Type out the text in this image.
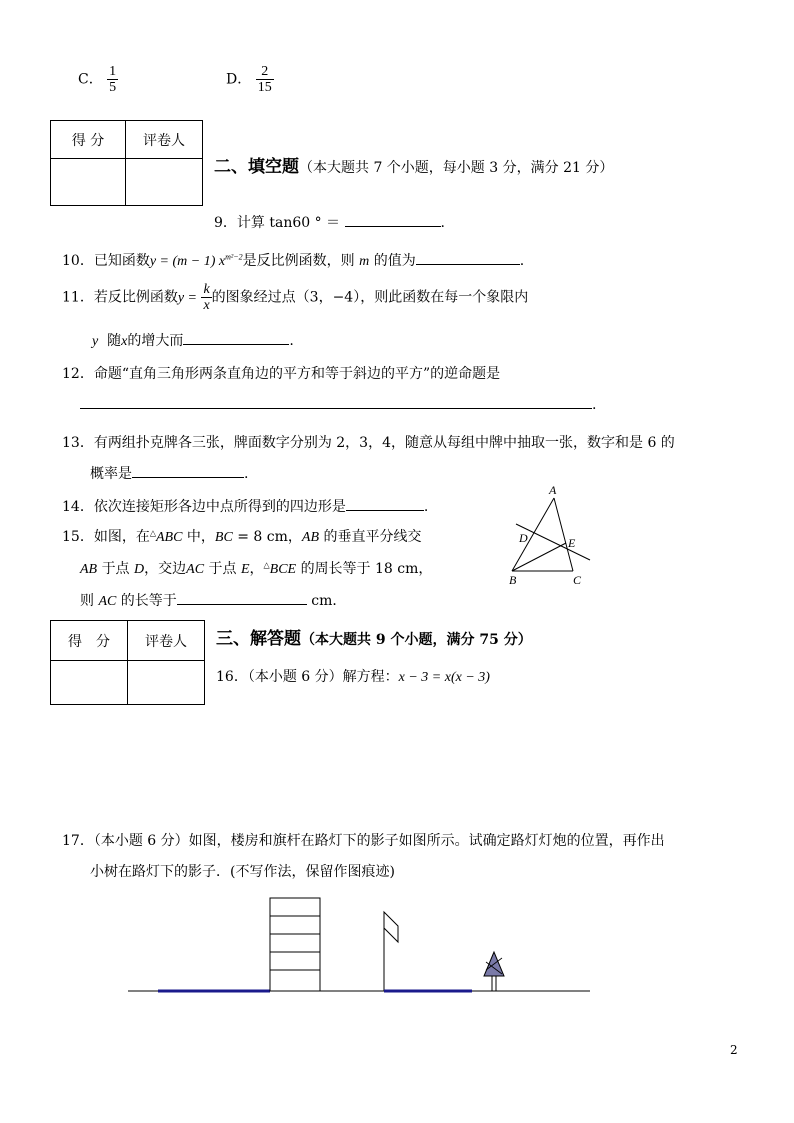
C． $\frac{1}{5}$	D． $\frac{2}{15}$
得 分	评卷人

二、填空题（本大题共 7 个小题，每小题 3 分，满分 21 分）
9．计算 tan60 ° ＝	.
10．已知函数y = (m − 1) $x^{m^2-2}$是反比例函数，则 m 的值为	.
11．若反比例函数$y = \frac{k}{x}$ 的图象经过点（3，−4），则此函数在每一个象限内
y 随x的增大而	.
12．命题“直角三角形两条直角边的平方和等于斜边的平方”的逆命题是
.
13．有两组扑克牌各三张，牌面数字分别为 2，3，4，随意从每组中牌中抽取一张，数字和是 6 的
概率是	.
14．依次连接矩形各边中点所得到的四边形是	.
15．如图，在△ABC 中，BC = 8 cm，AB 的垂直平分线交
AB 于点 D，交边AC 于点 E，△BCE 的周长等于 18 cm，
则 AC 的长等于	cm．
A
D	E
B	C
得　分	评卷人
	三、解答题（本大题共 9 个小题，满分 75 分）
16．（本小题 6 分）解方程：x − 3 = x(x − 3)
17．（本小题 6 分）如图，楼房和旗杆在路灯下的影子如图所示。试确定路灯灯炮的位置，再作出
小树在路灯下的影子．(不写作法，保留作图痕迹)
2
